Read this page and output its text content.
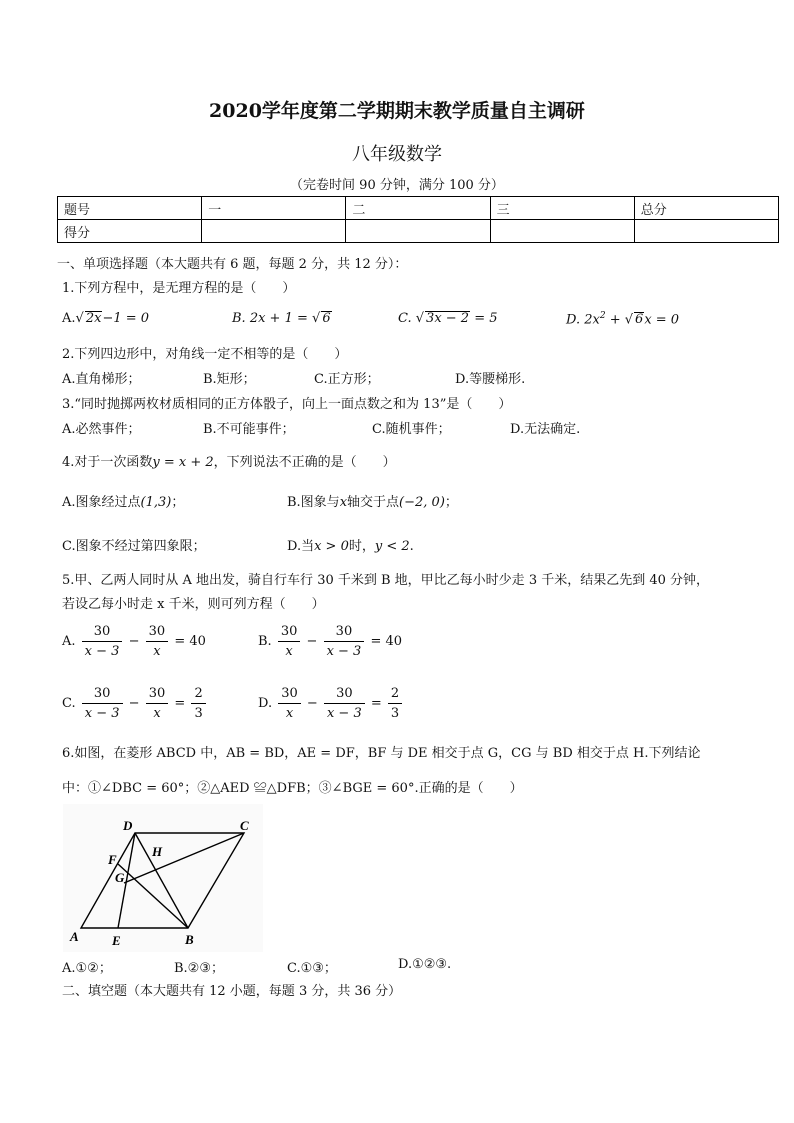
2020学年度第二学期期末教学质量自主调研
八年级数学
（完卷时间 90 分钟，满分 100 分）
题号	一	二	三	总分
得分				
一、单项选择题（本大题共有 6 题，每题 2 分，共 12 分）：
1.下列方程中，是无理方程的是（　　）
A.√ 2x−1 = 0	B. 2x + 1 = √ 6	C. √ 3x − 2 = 5	D. $2x^2$ + √ 6x = 0
2.下列四边形中，对角线一定不相等的是（　　）
A.直角梯形；	B.矩形；	C.正方形；	D.等腰梯形.
3.“同时抛掷两枚材质相同的正方体骰子，向上一面点数之和为 13”是（　　）
A.必然事件；	B.不可能事件；	C.随机事件；	D.无法确定.
4.对于一次函数y = x + 2，下列说法不正确的是（　　）
A.图象经过点(1,3)；	B.图象与x轴交于点(−2, 0)；
C.图象不经过第四象限；	D.当x > 0时，y < 2.
5.甲、乙两人同时从 A 地出发，骑自行车行 30 千米到 B 地，甲比乙每小时少走 3 千米，结果乙先到 40 分钟，
若设乙每小时走 x 千米，则可列方程（　　）
A. $\frac{30}{x - 3} - \frac{30}{x} = 40$	B. $\frac{30}{x} - \frac{30}{x - 3} = 40$
C. $\frac{30}{x - 3} - \frac{30}{x} = \frac{2}{3}$	D. $\frac{30}{x} - \frac{30}{x - 3} = \frac{2}{3}$
6.如图，在菱形 ABCD 中，AB = BD，AE = DF，BF 与 DE 相交于点 G，CG 与 BD 相交于点 H.下列结论
中：①∠DBC = 60°；②△AED ≌△DFB；③∠BGE = 60°.正确的是（　　）
A	B
C
D
E
F
G
H
A.①②；	B.②③；	C.①③；	D.①②③.
二、填空题（本大题共有 12 小题，每题 3 分，共 36 分）
